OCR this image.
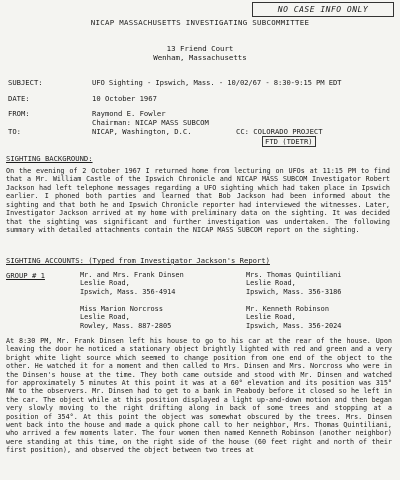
NO CASE INFO ONLY
NICAP MASSACHUSETTS INVESTIGATING SUBCOMMITTEE
13 Friend Court
Wenham, Massachusetts
SUBJECT:	UFO Sighting - Ipswich, Mass. - 10/02/67 - 8:30-9:15 PM EDT
DATE:	10 October 1967
FROM:	Raymond E. Fowler
Chairman: NICAP MASS SUBCOM
TO:	NICAP, Washington, D.C.	CC: COLORADO PROJECT
FTD (TDETR)
SIGHTING BACKGROUND:
On the evening of 2 October 1967 I returned home from lecturing on UFOs at 11:15 PM to find that a Mr. William Castle of the Ipswich Chronicle and NICAP MASS SUBCOM Investigator Robert Jackson had left telephone messages regarding a UFO sighting which had taken place in Ipswich earlier. I phoned both parties and learned that Bob Jackson had been informed about the sighting and that both he and Ipswich Chronicle reporter had interviewed the witnesses. Later, Investigator Jackson arrived at my home with preliminary data on the sighting. It was decided that the sighting was significant and further investigation was undertaken. The following summary with detailed attachments contain the NICAP MASS SUBCOM report on the sighting.
SIGHTING ACCOUNTS: (Typed from Investigator Jackson's Report)
GROUP # 1	Mr. and Mrs. Frank Dinsen
Leslie Road,
Ipswich, Mass. 356-4914
Mrs. Thomas Quintiliani
Leslie Road,
Ipswich, Mass. 356-3186
Miss Marion Norcross
Leslie Road,
Rowley, Mass. 887-2805
Mr. Kenneth Robinson
Leslie Road,
Ipswich, Mass. 356-2024
At 8:30 PM, Mr. Frank Dinsen left his house to go to his car at the rear of the house. Upon leaving the door he noticed a stationary object brightly lighted with red and green and a very bright white light source which seemed to change position from one end of the object to the other. He watched it for a moment and then called to Mrs. Dinsen and Mrs. Norcross who were in the Dinsen's house at the time. They both came outside and stood with Mr. Dinsen and watched for approximately 5 minutes At this point it was at a 60° elevation and its position was 315° NW to the observers. Mr. Dinsen had to get to a bank in Peabody before it closed so he left in the car. The object while at this position displayed a light up-and-down motion and then began very slowly moving to the right drifting along in back of some trees and stopping at a position of 354°. At this point the object was somewhat obscured by the trees. Mrs. Dinsen went back into the house and made a quick phone call to her neighbor, Mrs. Thomas Quintiliani, who arrived a few moments later. The four women then named Kenneth Robinson (another neighbor) were standing at this time, on the right side of the house (60 feet right and north of their first position), and observed the object between two trees at
